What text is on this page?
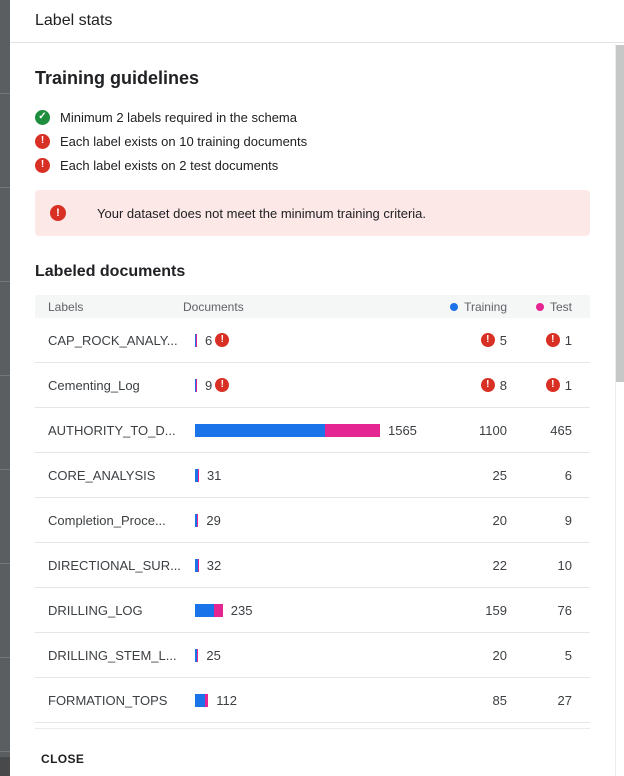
Label stats
Training guidelines
✓ Minimum 2 labels required in the schema
!	Each label exists on 10 training documents
!	Each label exists on 2 test documents
!	Your dataset does not meet the minimum training criteria.
Labeled documents
Labels	Documents	Training	Test
CAP_ROCK_ANALY...	6 !	! 5	! 1
Cementing_Log	9 !	! 8	! 1
AUTHORITY_TO_D...	1565	1100	465
CORE_ANALYSIS	31	25	6
Completion_Proce...	29	20	9
DIRECTIONAL_SUR... 32	22	10
DRILLING_LOG	235	159	76
DRILLING_STEM_L...	25	20	5
FORMATION_TOPS	112	85	27
CLOSE
